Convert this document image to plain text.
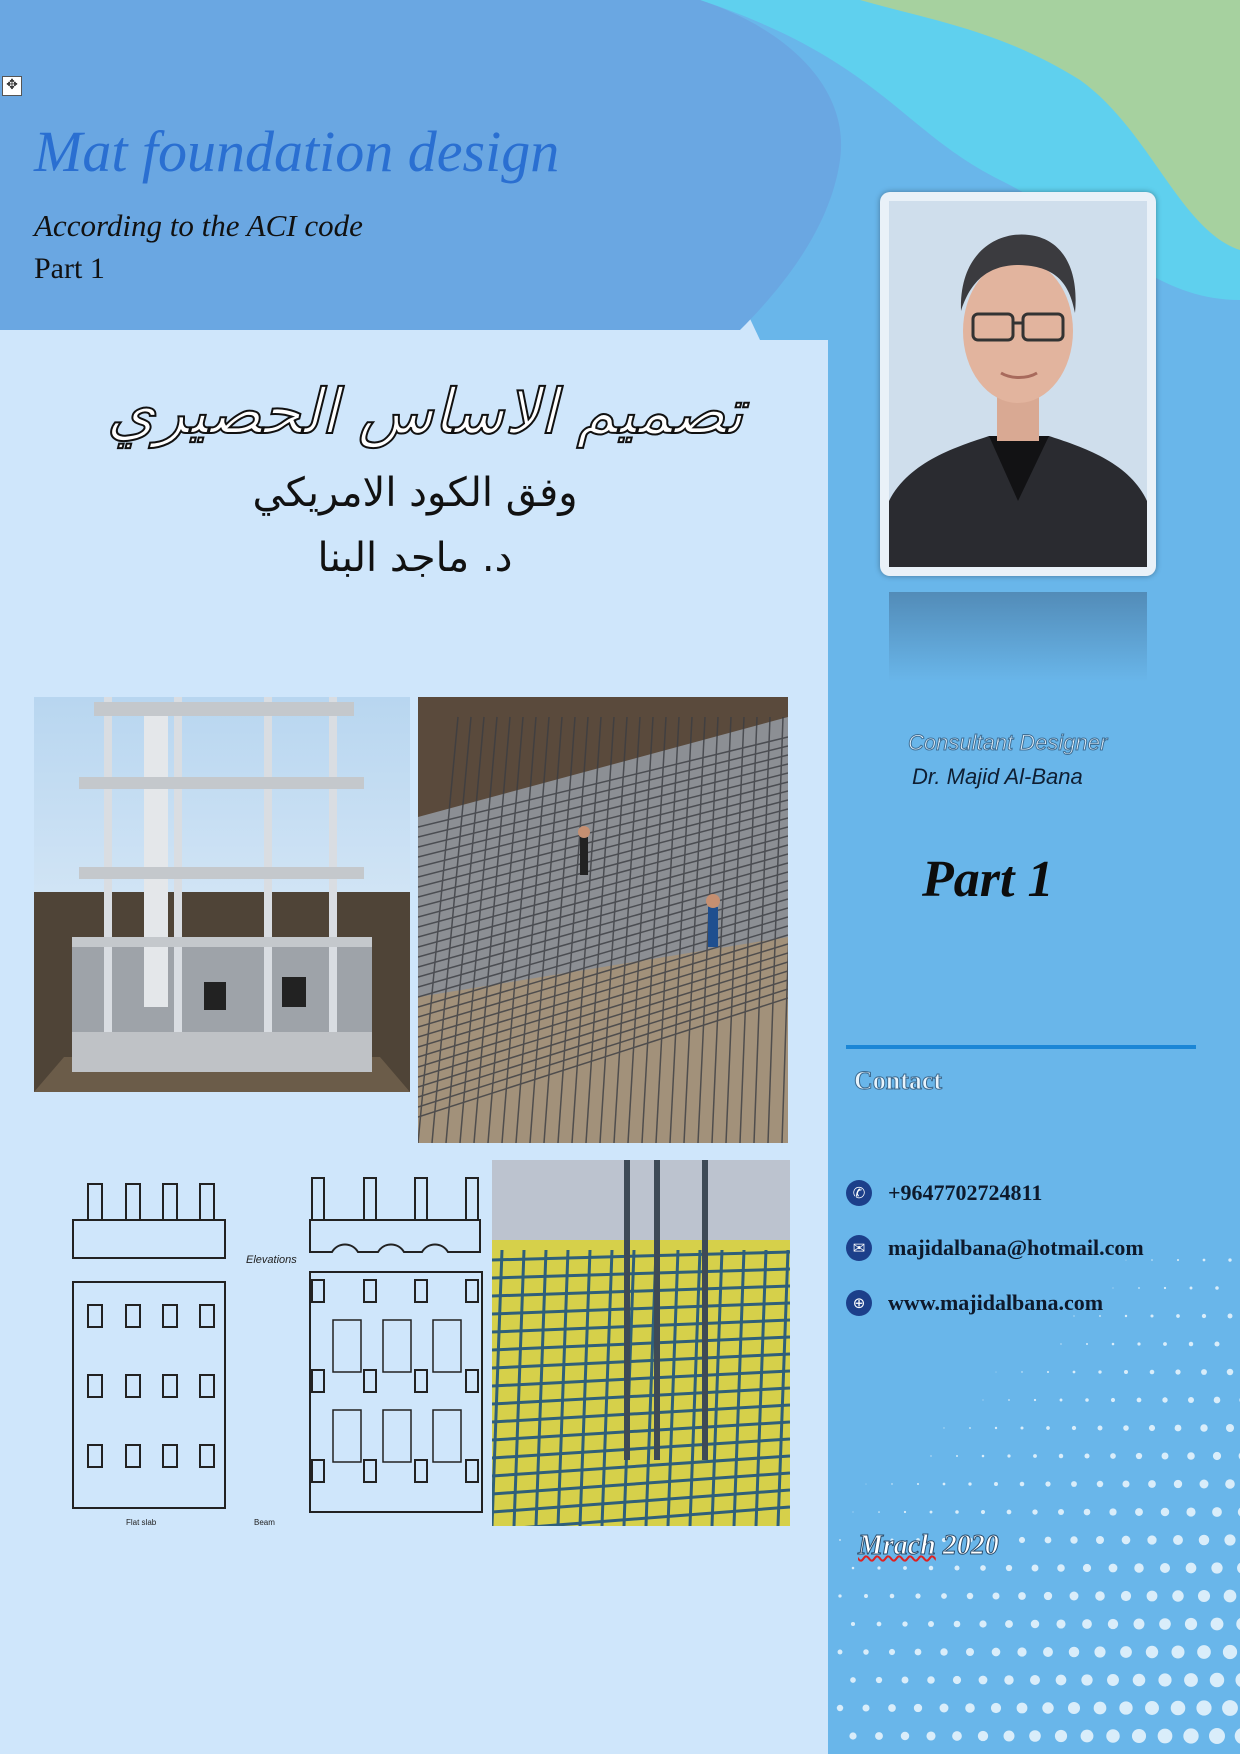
✥
Mat foundation design
According to the ACI code
Part 1
تصميم الاساس الحصيري
وفق الكود الامريكي
د. ماجد البنا
Elevations
Flat slab	Beam
Consultant Designer
Dr. Majid Al-Bana
Part 1
Contact
✆	+9647702724811
✉	majidalbana@hotmail.com
⊕	www.majidalbana.com
Mrach 2020
